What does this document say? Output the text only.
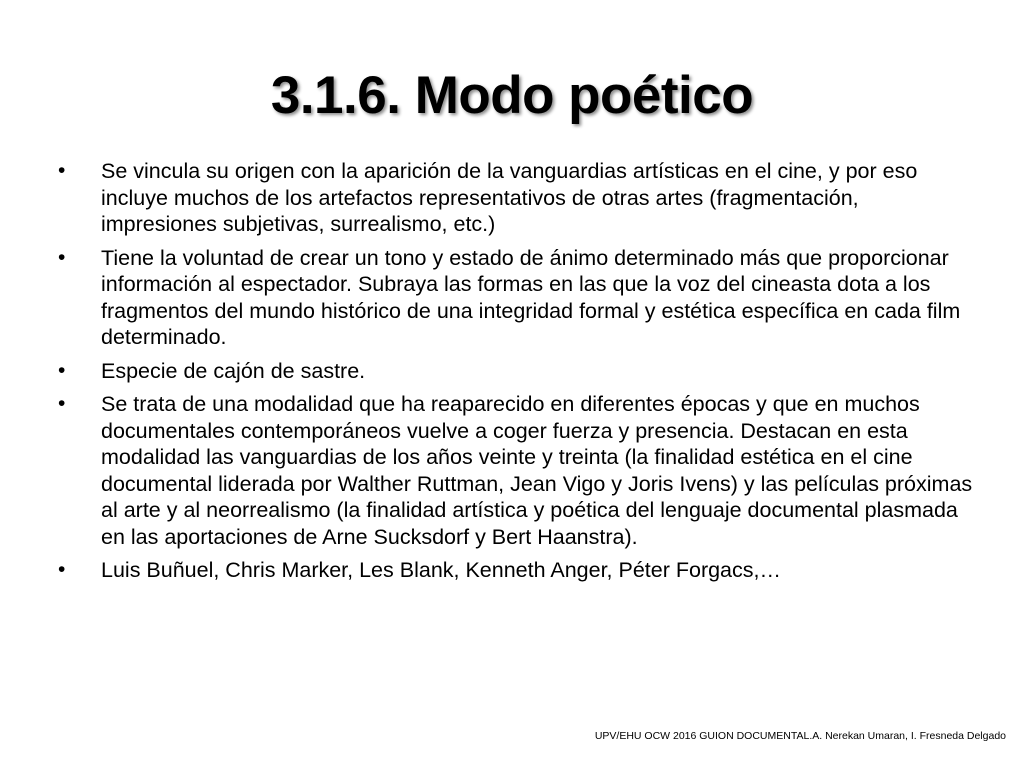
3.1.6. Modo poético
•	Se vincula su origen con la aparición de la vanguardias artísticas en el cine, y por eso incluye muchos de los artefactos representativos de otras artes (fragmentación, impresiones subjetivas, surrealismo, etc.)
•	Tiene la voluntad de crear un tono y estado de ánimo determinado más que proporcionar información al espectador. Subraya las formas en las que la voz del cineasta dota a los fragmentos del mundo histórico de una integridad formal y estética específica en cada film determinado.
•	Especie de cajón de sastre.
•	Se trata de una modalidad que ha reaparecido en diferentes épocas y que en muchos documentales contemporáneos vuelve a coger fuerza y presencia. Destacan en esta modalidad las vanguardias de los años veinte y treinta (la finalidad estética en el cine documental liderada por Walther Ruttman, Jean Vigo y Joris Ivens) y las películas próximas al arte y al neorrealismo (la finalidad artística y poética del lenguaje documental plasmada en las aportaciones de Arne Sucksdorf y Bert Haanstra).
•	Luis Buñuel, Chris Marker, Les Blank, Kenneth Anger, Péter Forgacs,…
UPV/EHU OCW 2016 GUION DOCUMENTAL.A. Nerekan Umaran, I. Fresneda Delgado
